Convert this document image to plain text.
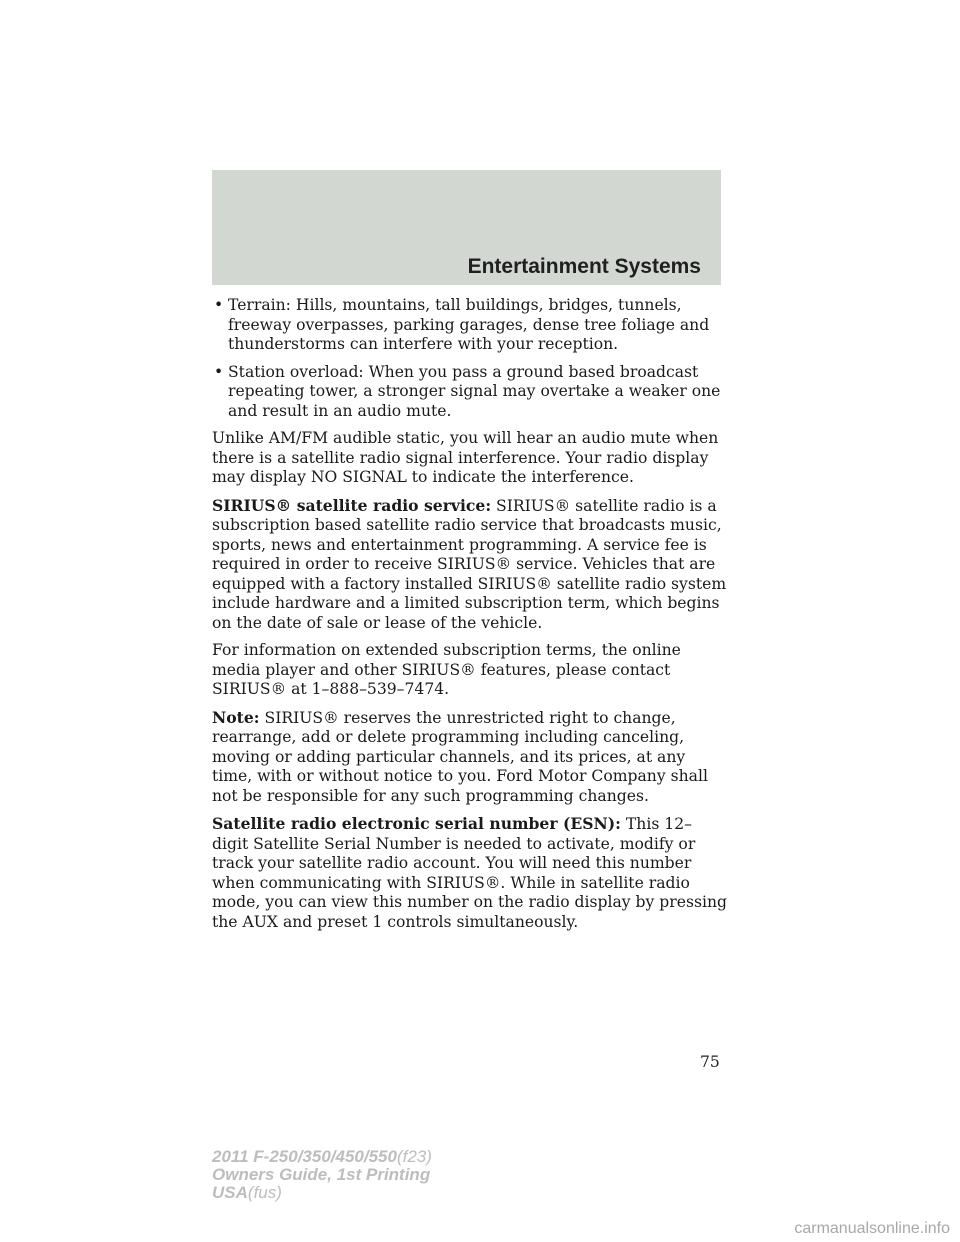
Entertainment Systems
• Terrain: Hills, mountains, tall buildings, bridges, tunnels, freeway overpasses, parking garages, dense tree foliage and thunderstorms can interfere with your reception.
• Station overload: When you pass a ground based broadcast repeating tower, a stronger signal may overtake a weaker one and result in an audio mute.

Unlike AM/FM audible static, you will hear an audio mute when there is a satellite radio signal interference. Your radio display may display NO SIGNAL to indicate the interference.

SIRIUS® satellite radio service: SIRIUS® satellite radio is a subscription based satellite radio service that broadcasts music, sports, news and entertainment programming. A service fee is required in order to receive SIRIUS® service. Vehicles that are equipped with a factory installed SIRIUS® satellite radio system include hardware and a limited subscription term, which begins on the date of sale or lease of the vehicle.

For information on extended subscription terms, the online media player and other SIRIUS® features, please contact SIRIUS® at 1–888–539–7474.

Note: SIRIUS® reserves the unrestricted right to change, rearrange, add or delete programming including canceling, moving or adding particular channels, and its prices, at any time, with or without notice to you. Ford Motor Company shall not be responsible for any such programming changes.

Satellite radio electronic serial number (ESN): This 12–digit Satellite Serial Number is needed to activate, modify or track your satellite radio account. You will need this number when communicating with SIRIUS®. While in satellite radio mode, you can view this number on the radio display by pressing the AUX and preset 1 controls simultaneously.

75
2011 F-250/350/450/550(f23)
Owners Guide, 1st Printing
USA(fus)
carmanualsonline.info
